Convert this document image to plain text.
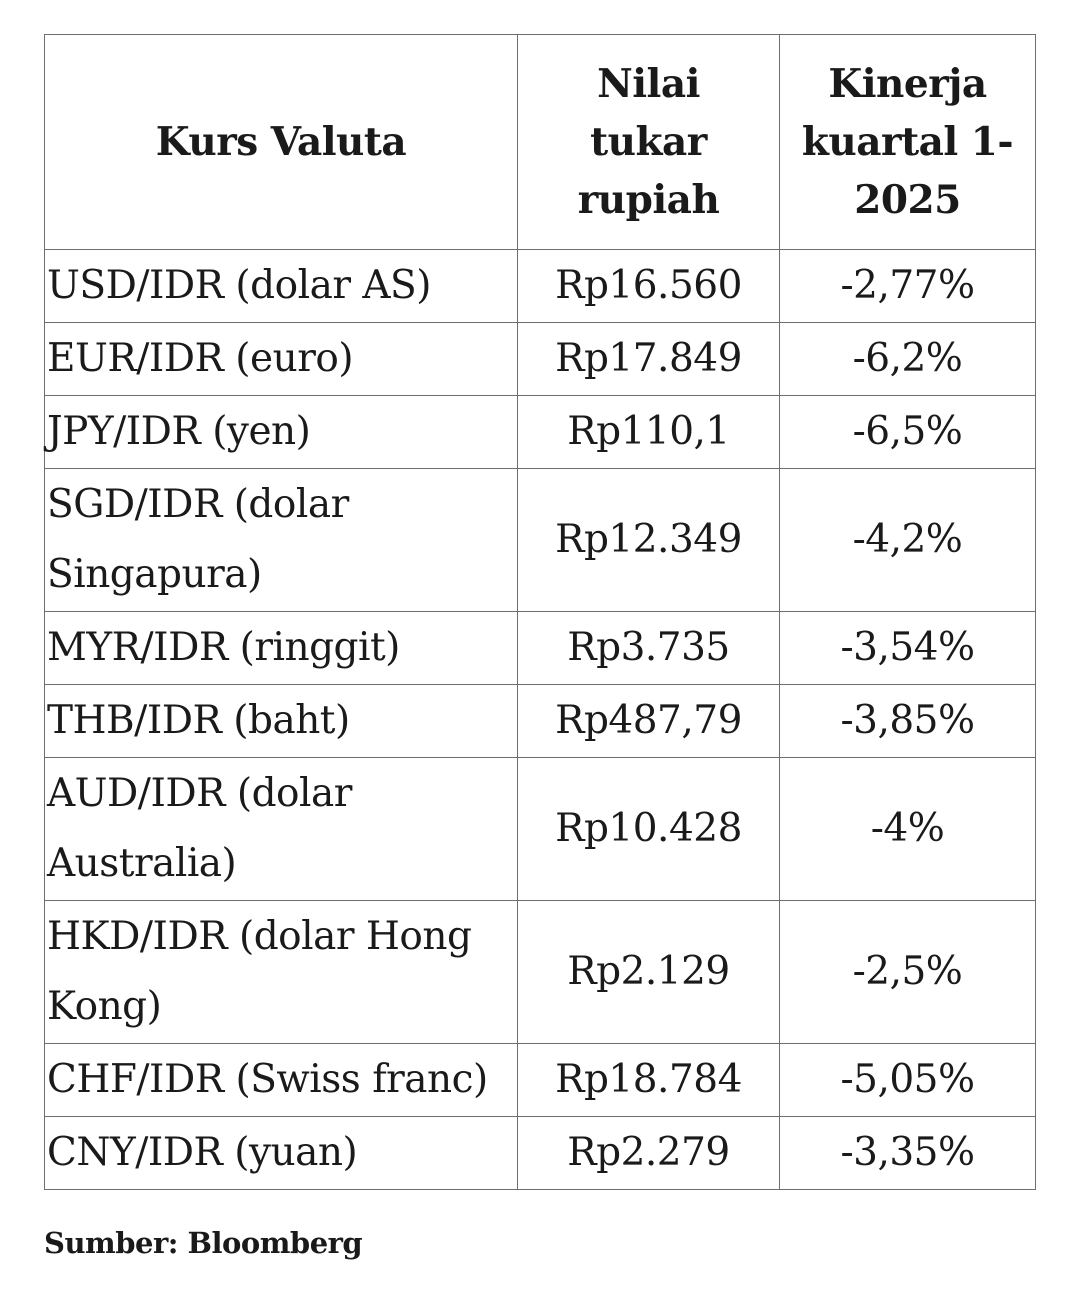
Kurs Valuta	Nilai tukar rupiah	Kinerja kuartal 1-2025

USD/IDR (dolar AS)	Rp16.560	-2,77%

EUR/IDR (euro)	Rp17.849	-6,2%

JPY/IDR (yen)	Rp110,1	-6,5%

SGD/IDR (dolar
Singapura)	Rp12.349	-4,2%

MYR/IDR (ringgit)	Rp3.735	-3,54%

THB/IDR (baht)	Rp487,79	-3,85%

AUD/IDR (dolar
Australia)	Rp10.428	-4%

HKD/IDR (dolar Hong
Kong)	Rp2.129	-2,5%

CHF/IDR (Swiss franc)	Rp18.784	-5,05%

CNY/IDR (yuan)	Rp2.279	-3,35%
Sumber: Bloomberg
